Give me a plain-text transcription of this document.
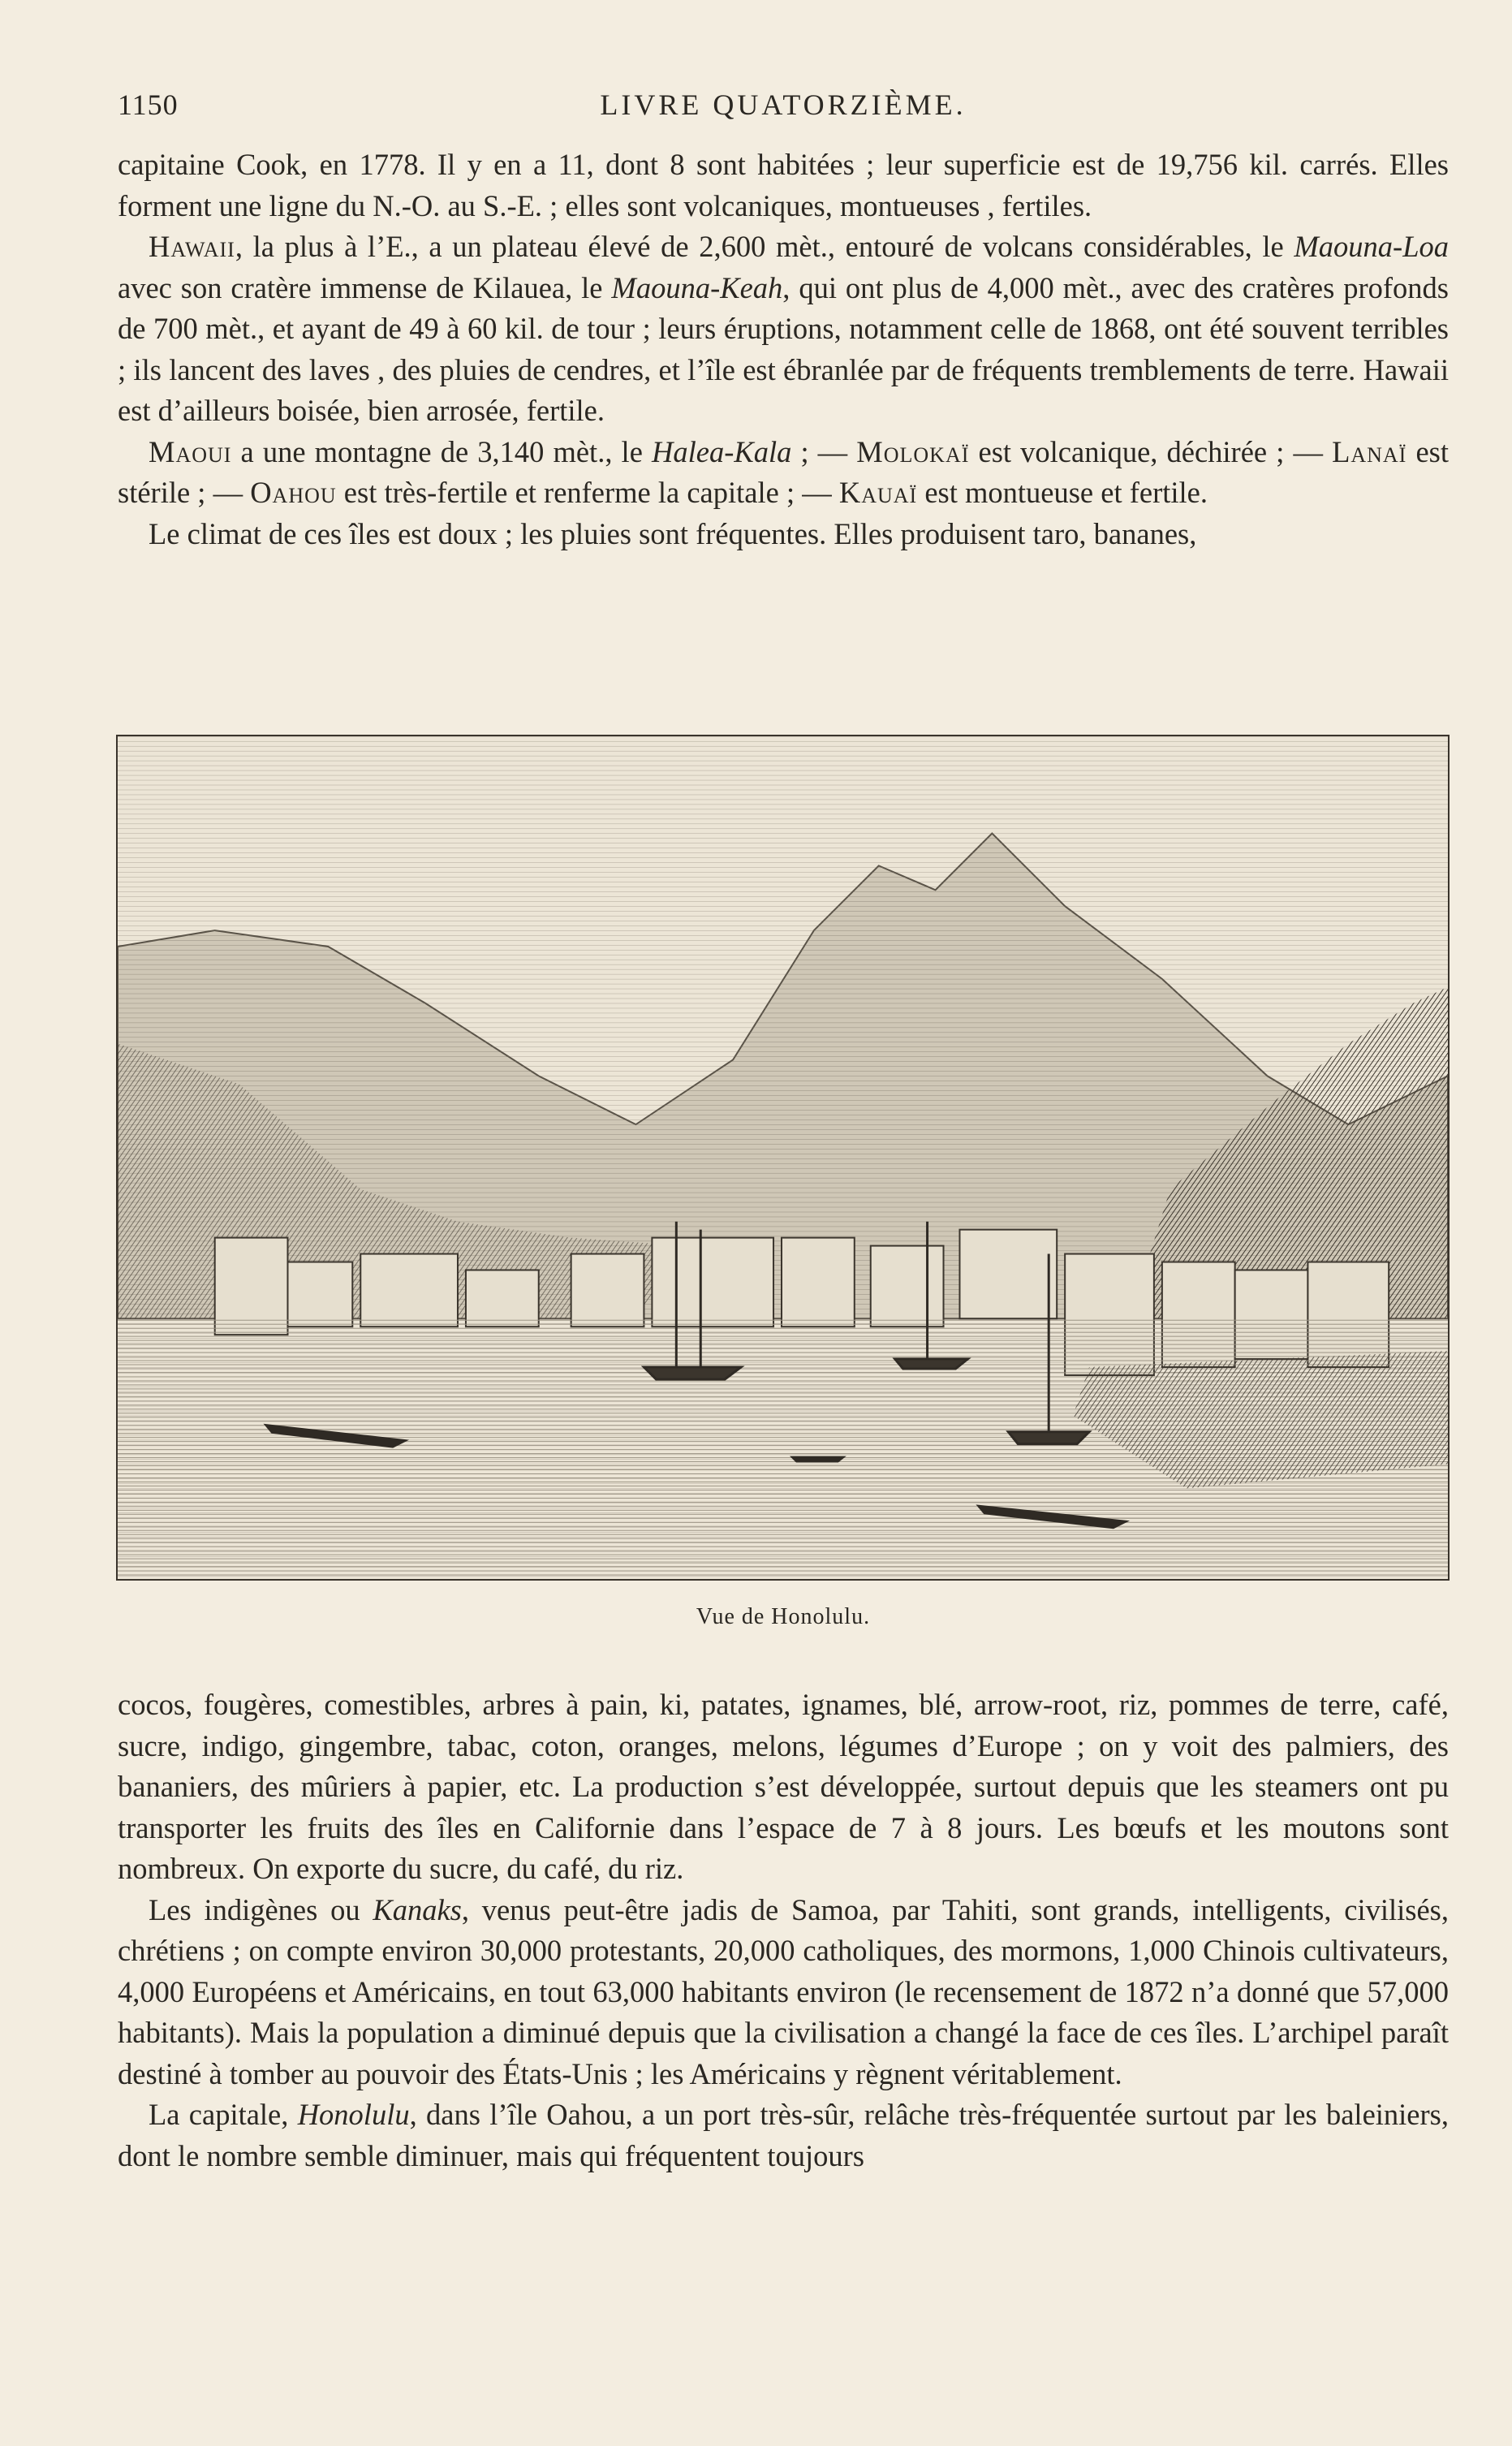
1150	LIVRE QUATORZIÈME.

capitaine Cook, en 1778. Il y en a 11, dont 8 sont habitées ; leur superficie est de 19,756 kil. carrés. Elles forment une ligne du N.-O. au S.-E. ; elles sont volcaniques, montueuses , fertiles.

Hawaii, la plus à l’E., a un plateau élevé de 2,600 mèt., entouré de volcans considérables, le Maouna-Loa avec son cratère immense de Kilauea, le Maouna-Keah, qui ont plus de 4,000 mèt., avec des cratères profonds de 700 mèt., et ayant de 49 à 60 kil. de tour ; leurs éruptions, notamment celle de 1868, ont été souvent terribles ; ils lancent des laves , des pluies de cendres, et l’île est ébranlée par de fréquents tremblements de terre. Hawaii est d’ailleurs boisée, bien arrosée, fertile.

Maoui a une montagne de 3,140 mèt., le Halea-Kala ; — Molokaï est volcanique, déchirée ; — Lanaï est stérile ; — Oahou est très-fertile et renferme la capitale ; — Kauaï est montueuse et fertile.

Le climat de ces îles est doux ; les pluies sont fréquentes. Elles produisent taro, bananes,

Vue de Honolulu.

cocos, fougères, comestibles, arbres à pain, ki, patates, ignames, blé, arrow-root, riz, pommes de terre, café, sucre, indigo, gingembre, tabac, coton, oranges, melons, légumes d’Europe ; on y voit des palmiers, des bananiers, des mûriers à papier, etc. La production s’est développée, surtout depuis que les steamers ont pu transporter les fruits des îles en Californie dans l’espace de 7 à 8 jours. Les bœufs et les moutons sont nombreux. On exporte du sucre, du café, du riz.

Les indigènes ou Kanaks, venus peut-être jadis de Samoa, par Tahiti, sont grands, intelligents, civilisés, chrétiens ; on compte environ 30,000 protestants, 20,000 catholiques, des mormons, 1,000 Chinois cultivateurs, 4,000 Européens et Américains, en tout 63,000 habitants environ (le recensement de 1872 n’a donné que 57,000 habitants). Mais la population a diminué depuis que la civilisation a changé la face de ces îles. L’archipel paraît destiné à tomber au pouvoir des États-Unis ; les Américains y règnent véritablement.

La capitale, Honolulu, dans l’île Oahou, a un port très-sûr, relâche très-fréquentée surtout par les baleiniers, dont le nombre semble diminuer, mais qui fréquentent toujours
